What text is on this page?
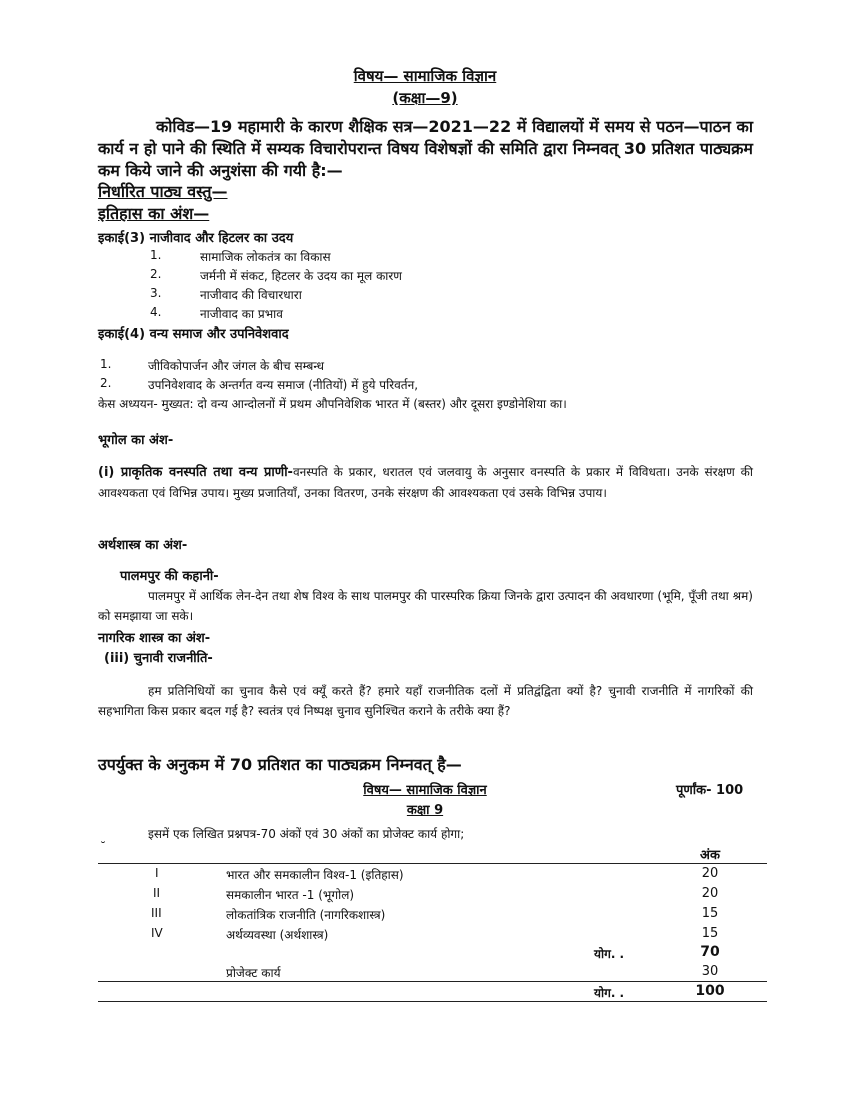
विषय— सामाजिक विज्ञान
(कक्षा—9)
कोविड—19 महामारी के कारण शैक्षिक सत्र—2021—22 में विद्यालयों में समय से पठन—पाठन का कार्य न हो पाने की स्थिति में सम्यक विचारोपरान्त विषय विशेषज्ञों की समिति द्वारा निम्नवत् 30 प्रतिशत पाठ्यक्रम कम किये जाने की अनुशंसा की गयी है:—
निर्धारित पाठ्य वस्तु—
इतिहास का अंश—
इकाई(3) नाजीवाद और हिटलर का उदय
1.	सामाजिक लोकतंत्र का विकास
2.	जर्मनी में संकट, हिटलर के उदय का मूल कारण
3.	नाजीवाद की विचारधारा
4.	नाजीवाद का प्रभाव
इकाई(4) वन्य समाज और उपनिवेशवाद
1.	जीविकोपार्जन और जंगल के बीच सम्बन्ध
2.	उपनिवेशवाद के अन्तर्गत वन्य समाज (नीतियों) में हुये परिवर्तन,
केस अध्ययन- मुख्यत: दो वन्य आन्दोलनों में प्रथम औपनिवेशिक भारत में (बस्तर) और दूसरा इण्डोनेशिया का।
भूगोल का अंश-
(i) प्राकृतिक वनस्पति तथा वन्य प्राणी-वनस्पति के प्रकार, धरातल एवं जलवायु के अनुसार वनस्पति के प्रकार में विविधता। उनके संरक्षण की आवश्यकता एवं विभिन्न उपाय। मुख्य प्रजातियाँ, उनका वितरण, उनके संरक्षण की आवश्यकता एवं उसके विभिन्न उपाय।
अर्थशास्त्र का अंश-
पालमपुर की कहानी-
पालमपुर में आर्थिक लेन-देन तथा शेष विश्व के साथ पालमपुर की पारस्परिक क्रिया जिनके द्वारा उत्पादन की अवधारणा (भूमि, पूँजी तथा श्रम) को समझाया जा सके।
नागरिक शास्त्र का अंश-
(iii) चुनावी राजनीति-
हम प्रतिनिधियों का चुनाव कैसे एवं क्यूँ करते हैं? हमारे यहाँ राजनीतिक दलों में प्रतिद्वंद्विता क्यों है? चुनावी राजनीति में नागरिकों की सहभागिता किस प्रकार बदल गई है? स्वतंत्र एवं निष्पक्ष चुनाव सुनिश्चित कराने के तरीके क्या हैं?
उपर्युक्त के अनुकम में 70 प्रतिशत का पाठ्यक्रम निम्नवत् है—
विषय— सामाजिक विज्ञान	पूर्णांक- 100
कक्षा 9
इसमें एक लिखित प्रश्नपत्र-70 अंकों एवं 30 अंकों का प्रोजेक्ट कार्य होगा;
˘
अंक
I	भारत और समकालीन विश्व-1 (इतिहास)	20
II	समकालीन भारत -1 (भूगोल)	20
III	लोकतांत्रिक राजनीति (नागरिकशास्त्र)	15
IV	अर्थव्यवस्था (अर्थशास्त्र)	15
योग. .	70
प्रोजेक्ट कार्य	30
योग. .	100
